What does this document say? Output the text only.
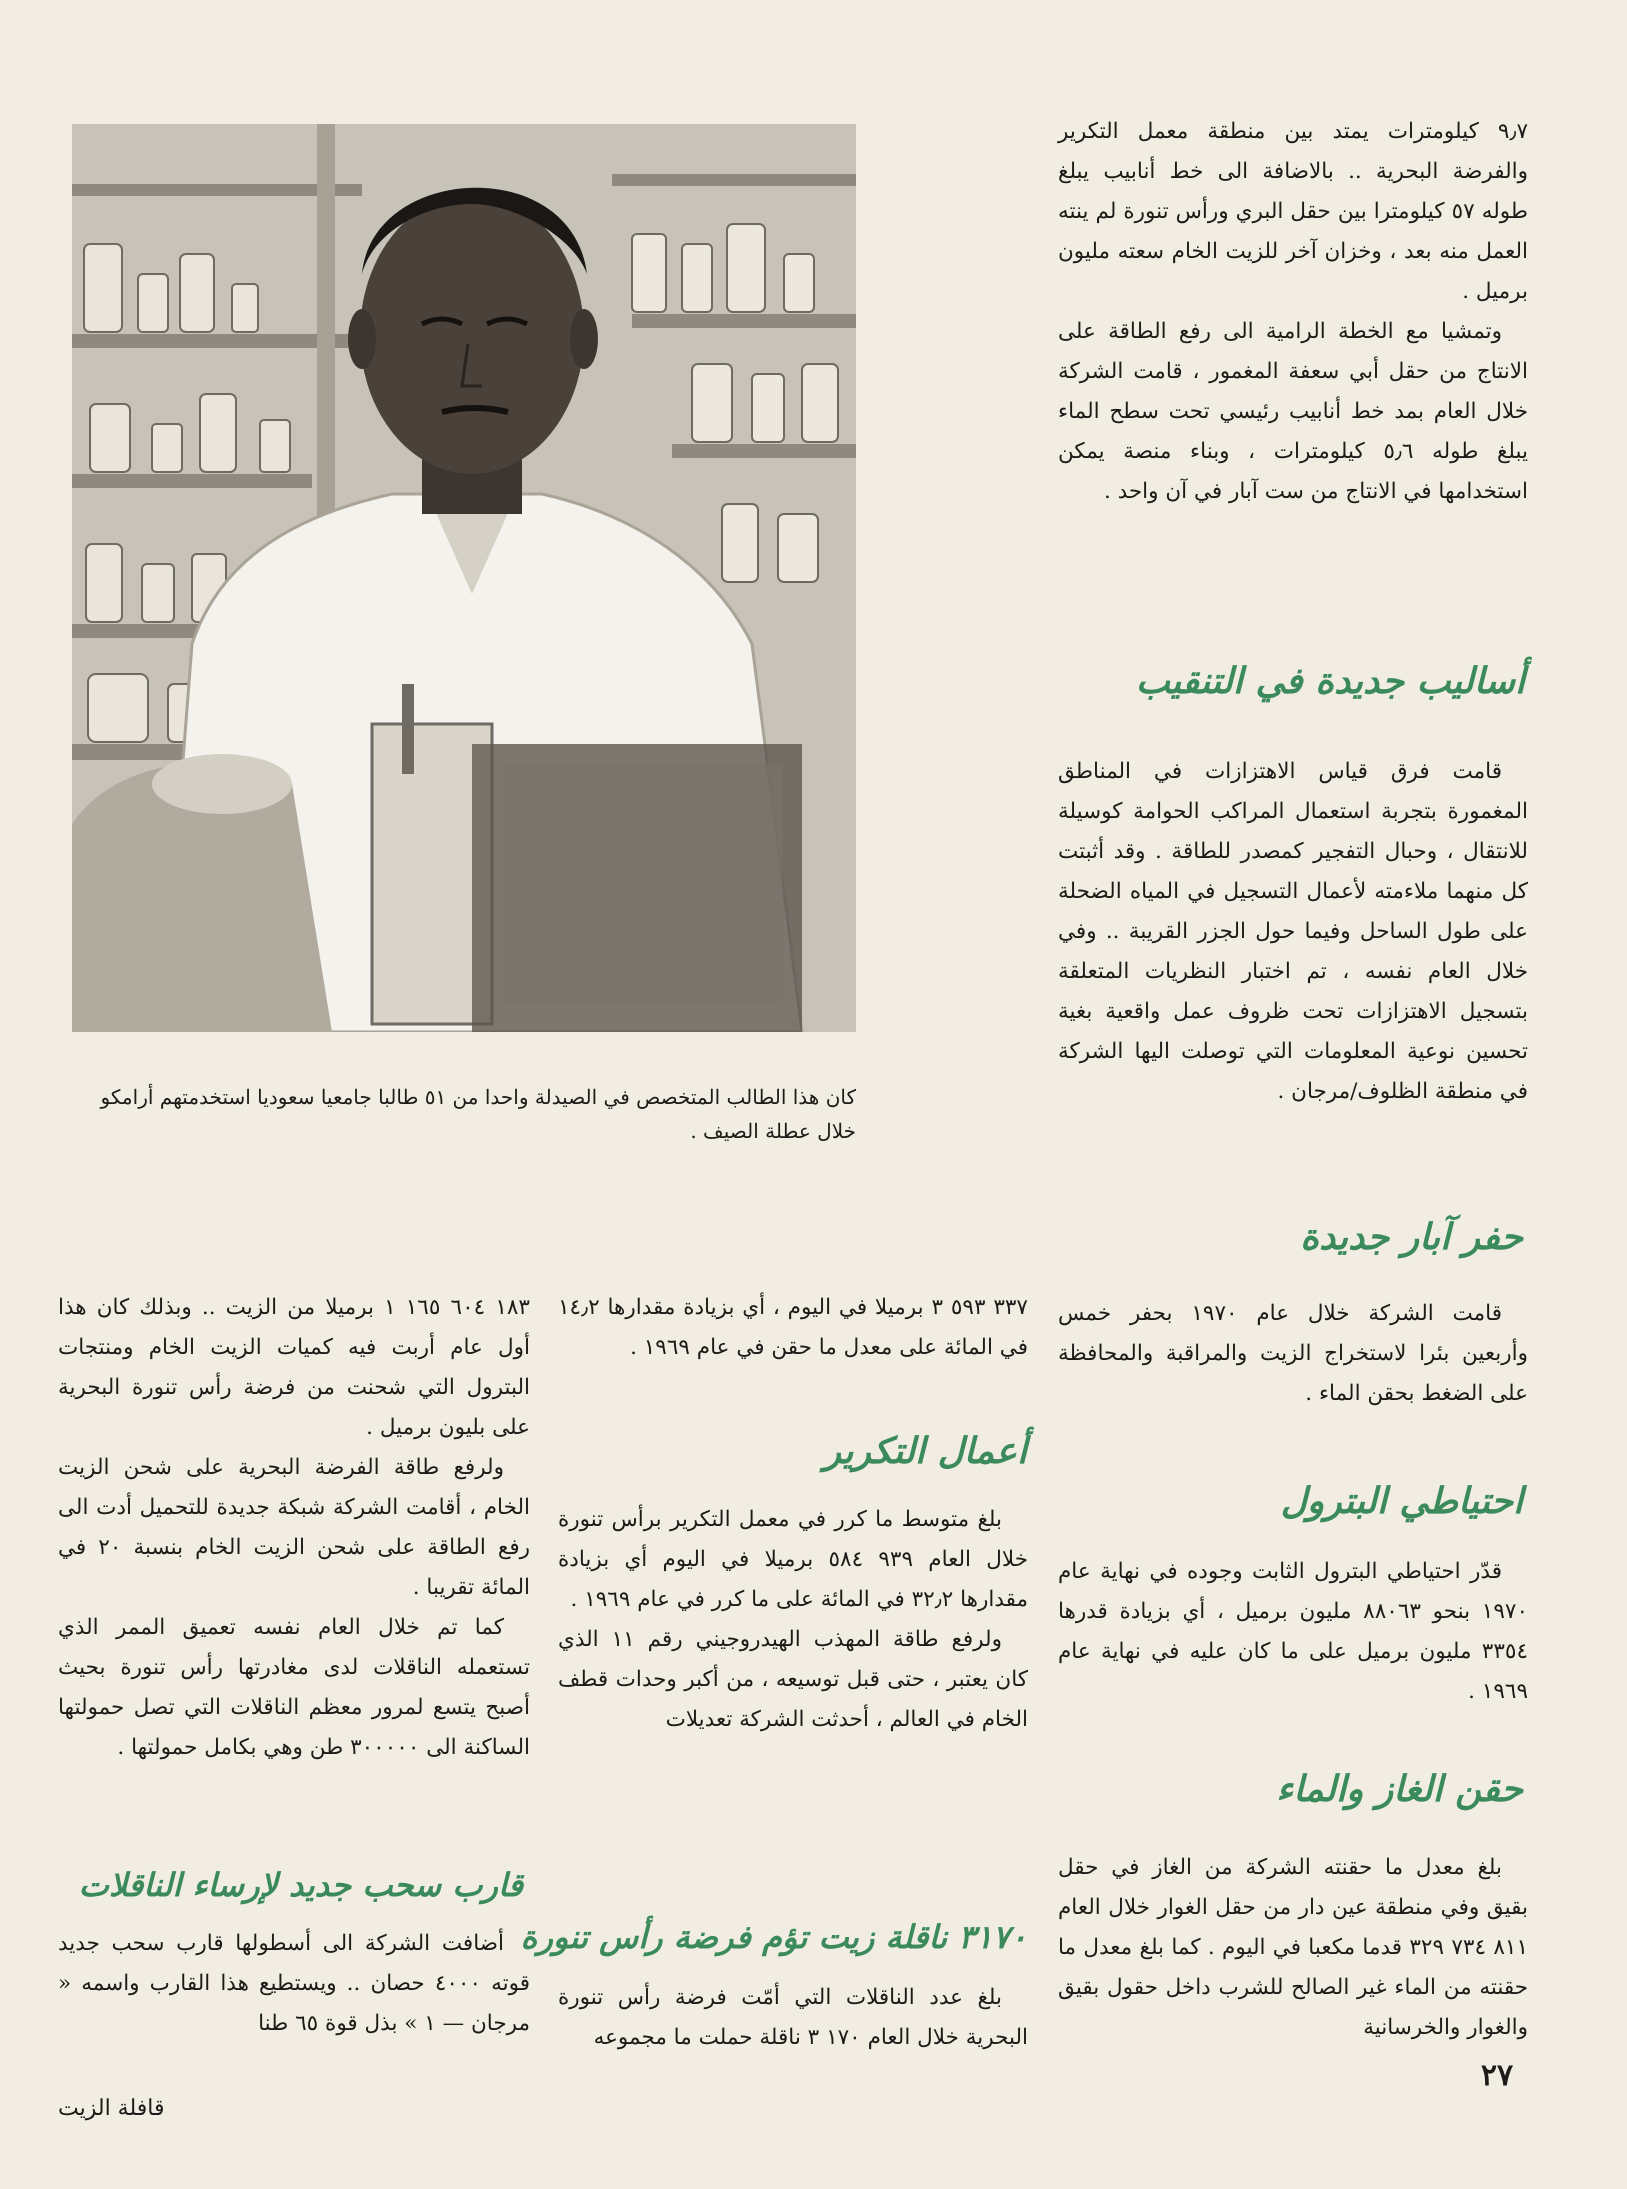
٩٫٧ كيلومترات يمتد بين منطقة معمل التكرير والفرضة البحرية .. بالاضافة الى خط أنابيب يبلغ طوله ٥٧ كيلومترا بين حقل البري ورأس تنورة لم ينته العمل منه بعد ، وخزان آخر للزيت الخام سعته مليون برميل .

وتمشيا مع الخطة الرامية الى رفع الطاقة على الانتاج من حقل أبي سعفة المغمور ، قامت الشركة خلال العام بمد خط أنابيب رئيسي تحت سطح الماء يبلغ طوله ٥٫٦ كيلومترات ، وبناء منصة يمكن استخدامها في الانتاج من ست آبار في آن واحد .

كان هذا الطالب المتخصص في الصيدلة واحدا من ٥١ طالبا جامعيا سعوديا استخدمتهم أرامكو خلال عطلة الصيف .

أساليب جديدة في التنقيب

قامت فرق قياس الاهتزازات في المناطق المغمورة بتجربة استعمال المراكب الحوامة كوسيلة للانتقال ، وحبال التفجير كمصدر للطاقة . وقد أثبتت كل منهما ملاءمته لأعمال التسجيل في المياه الضحلة على طول الساحل وفيما حول الجزر القريبة .. وفي خلال العام نفسه ، تم اختبار النظريات المتعلقة بتسجيل الاهتزازات تحت ظروف عمل واقعية بغية تحسين نوعية المعلومات التي توصلت اليها الشركة في منطقة الظلوف/مرجان .

حفر آبار جديدة

قامت الشركة خلال عام ١٩٧٠ بحفر خمس وأربعين بئرا لاستخراج الزيت والمراقبة والمحافظة على الضغط بحقن الماء .

احتياطي البترول

قدّر احتياطي البترول الثابت وجوده في نهاية عام ١٩٧٠ بنحو ٨٨٠٦٣ مليون برميل ، أي بزيادة قدرها ٣٣٥٤ مليون برميل على ما كان عليه في نهاية عام ١٩٦٩ .

حقن الغاز والماء

بلغ معدل ما حقنته الشركة من الغاز في حقل بقيق وفي منطقة عين دار من حقل الغوار خلال العام ٨١١ ٧٣٤ ٣٢٩ قدما مكعبا في اليوم . كما بلغ معدل ما حقنته من الماء غير الصالح للشرب داخل حقول بقيق والغوار والخرسانية

٣٣٧ ٥٩٣ ٣ برميلا في اليوم ، أي بزيادة مقدارها ١٤٫٢ في المائة على معدل ما حقن في عام ١٩٦٩ .

أعمال التكرير

بلغ متوسط ما كرر في معمل التكرير برأس تنورة خلال العام ٩٣٩ ٥٨٤ برميلا في اليوم أي بزيادة مقدارها ٣٢٫٢ في المائة على ما كرر في عام ١٩٦٩ .

ولرفع طاقة المهذب الهيدروجيني رقم ١١ الذي كان يعتبر ، حتى قبل توسيعه ، من أكبر وحدات قطف الخام في العالم ، أحدثت الشركة تعديلات

٣١٧٠ ناقلة زيت تؤم فرضة رأس تنورة

بلغ عدد الناقلات التي أمّت فرضة رأس تنورة البحرية خلال العام ١٧٠ ٣ ناقلة حملت ما مجموعه

١٨٣ ٦٠٤ ١٦٥ ١ برميلا من الزيت .. وبذلك كان هذا أول عام أربت فيه كميات الزيت الخام ومنتجات البترول التي شحنت من فرضة رأس تنورة البحرية على بليون برميل .

ولرفع طاقة الفرضة البحرية على شحن الزيت الخام ، أقامت الشركة شبكة جديدة للتحميل أدت الى رفع الطاقة على شحن الزيت الخام بنسبة ٢٠ في المائة تقريبا .

كما تم خلال العام نفسه تعميق الممر الذي تستعمله الناقلات لدى مغادرتها رأس تنورة بحيث أصبح يتسع لمرور معظم الناقلات التي تصل حمولتها الساكنة الى ٣٠٠٠٠٠ طن وهي بكامل حمولتها .

قارب سحب جديد لإرساء الناقلات

أضافت الشركة الى أسطولها قارب سحب جديد قوته ٤٠٠٠ حصان .. ويستطيع هذا القارب واسمه « مرجان — ١ » بذل قوة ٦٥ طنا

٢٧
قافلة الزيت
